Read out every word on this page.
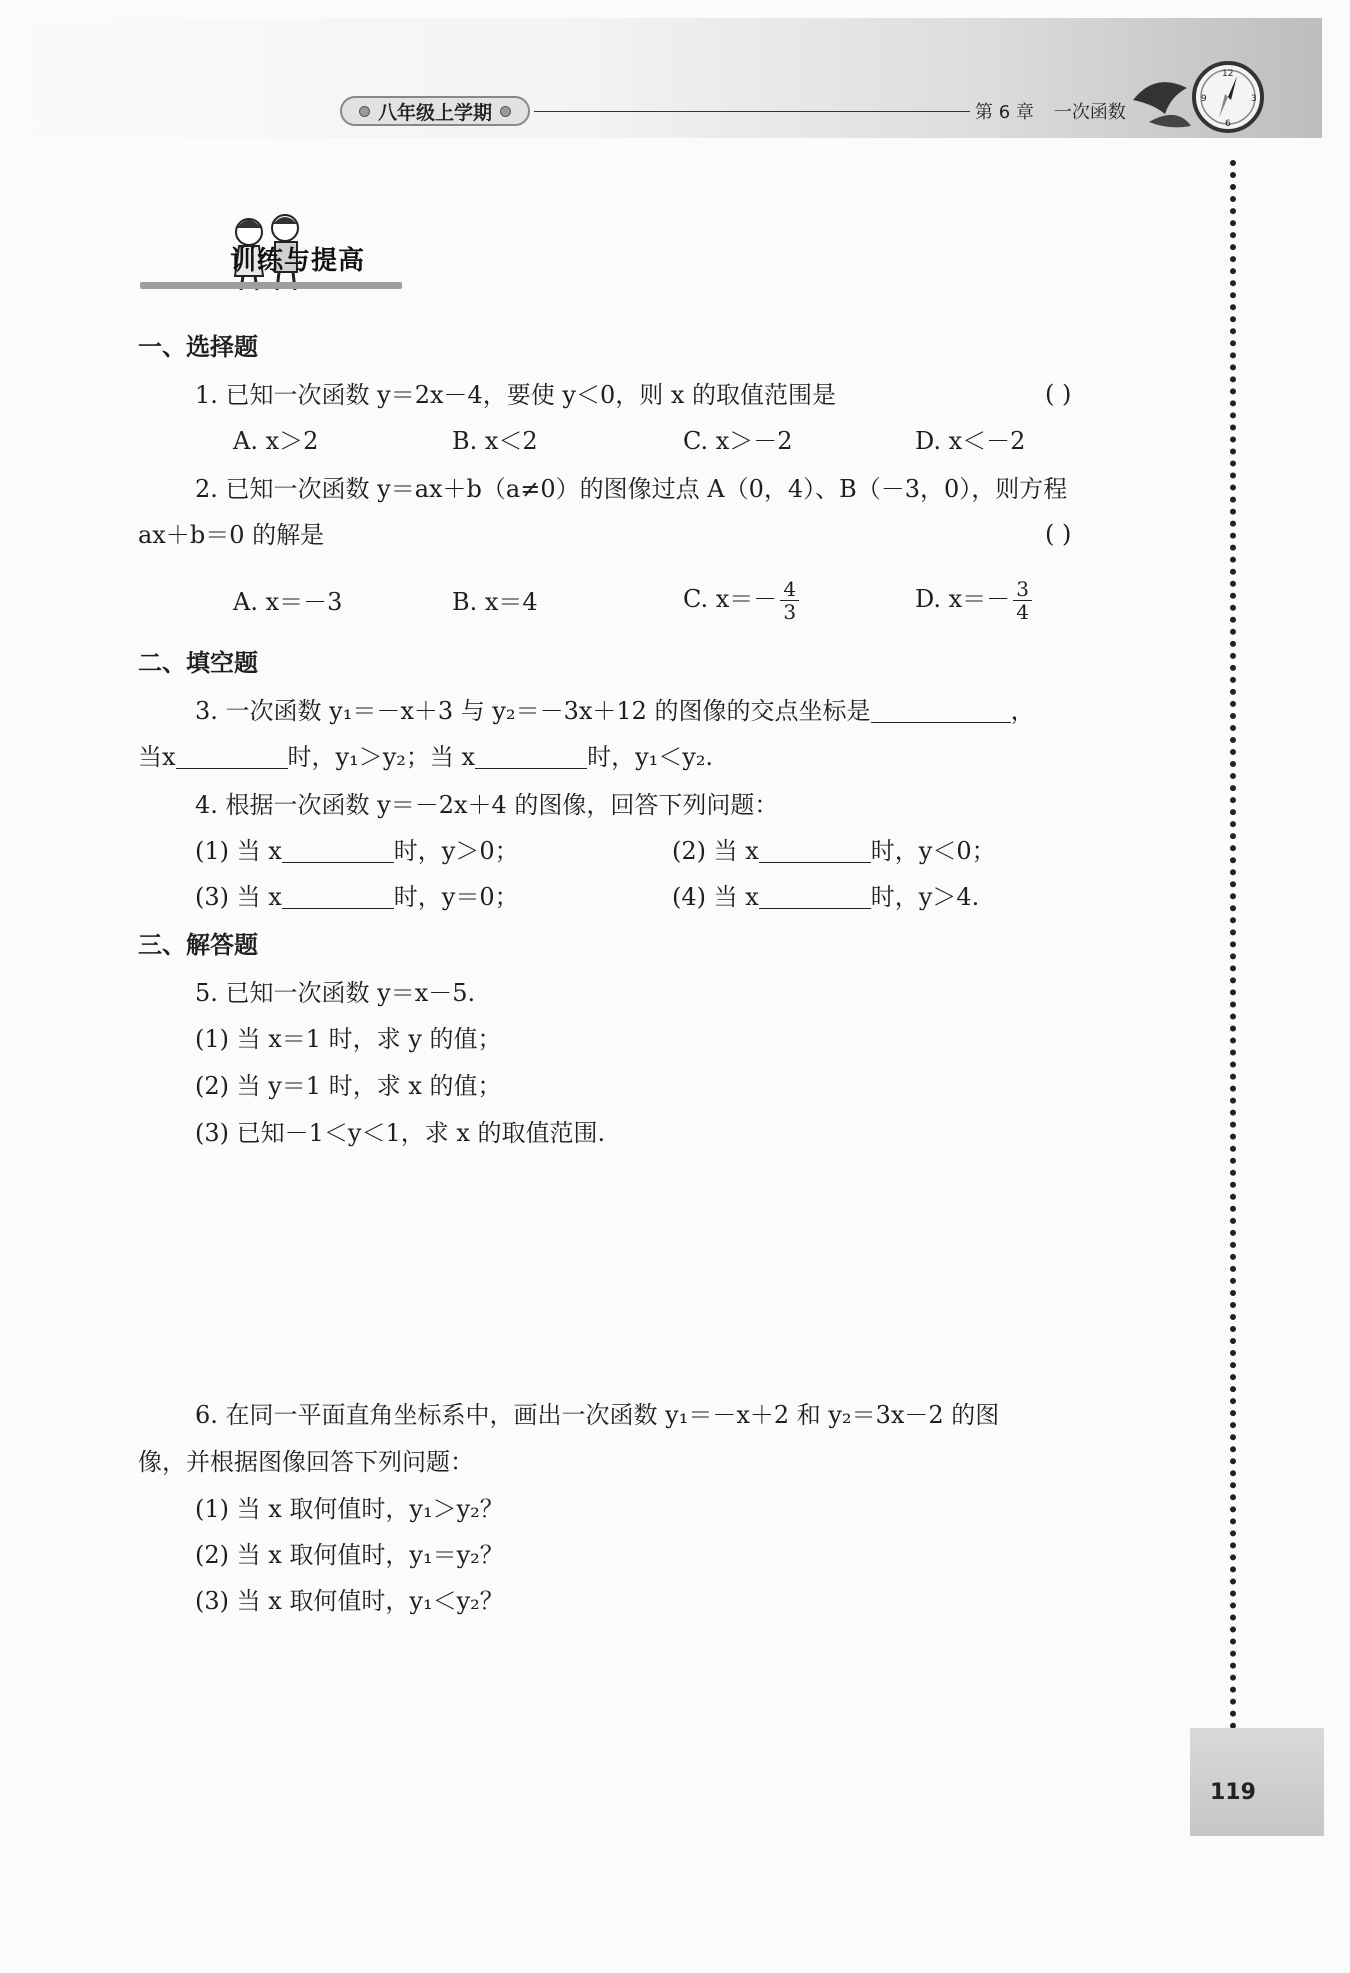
八年级上学期	第 6 章 一次函数
12
3
6
9
119
训练与提高
一、选择题
1. 已知一次函数 y＝2x－4，要使 y＜0，则 x 的取值范围是	( )
A. x＞2	B. x＜2	C. x＞－2	D. x＜－2
2. 已知一次函数 y＝ax＋b（a≠0）的图像过点 A（0，4）、B（－3，0），则方程
ax＋b＝0 的解是	( )
A. x＝－3	B. x＝4	C. $x=- \frac{4}{3}$	D. $x=- \frac{3}{4}$
二、填空题
3. 一次函数 y₁＝－x＋3 与 y₂＝－3x＋12 的图像的交点坐标是	，
当x	时，y₁＞y₂；当 x	时，y₁＜y₂.
4. 根据一次函数 y＝－2x＋4 的图像，回答下列问题：
(1) 当 x	时，y＞0；	(2) 当 x	时，y＜0；
(3) 当 x	时，y＝0；	(4) 当 x	时，y＞4.
三、解答题
5. 已知一次函数 y＝x－5.
(1) 当 x＝1 时，求 y 的值；
(2) 当 y＝1 时，求 x 的值；
(3) 已知－1＜y＜1，求 x 的取值范围.
6. 在同一平面直角坐标系中，画出一次函数 y₁＝－x＋2 和 y₂＝3x－2 的图
像，并根据图像回答下列问题：
(1) 当 x 取何值时，y₁＞y₂？
(2) 当 x 取何值时，y₁＝y₂？
(3) 当 x 取何值时，y₁＜y₂？
